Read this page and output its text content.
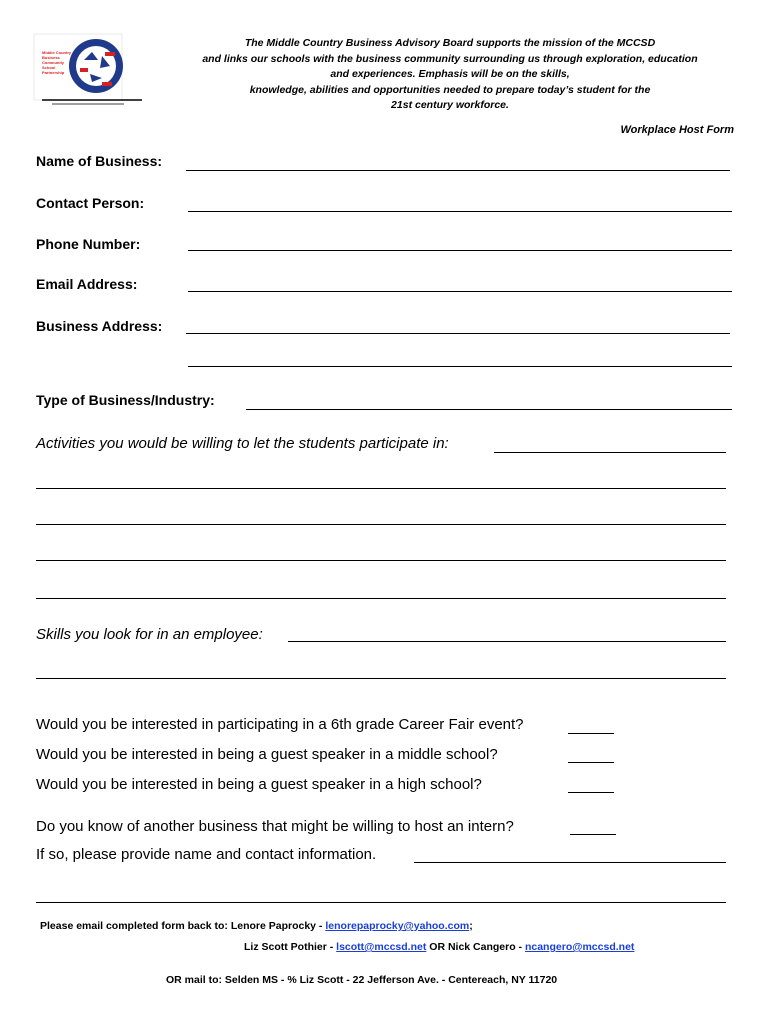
Middle Country Business Community School Partnership
The Middle Country Business Advisory Board supports the mission of the MCCSD
and links our schools with the business community surrounding us through exploration, education
and experiences. Emphasis will be on the skills,
knowledge, abilities and opportunities needed to prepare today’s student for the
21st century workforce.
Workplace Host Form
Name of Business:
Contact Person:
Phone Number:
Email Address:
Business Address:
Type of Business/Industry:
Activities you would be willing to let the students participate in:
Skills you look for in an employee:
Would you be interested in participating in a 6th grade Career Fair event?
Would you be interested in being a guest speaker in a middle school?
Would you be interested in being a guest speaker in a high school?
Do you know of another business that might be willing to host an intern?
If so, please provide name and contact information.
Please email completed form back to: Lenore Paprocky - lenorepaprocky@yahoo.com;
Liz Scott Pothier - lscott@mccsd.net OR Nick Cangero - ncangero@mccsd.net
OR mail to: Selden MS - % Liz Scott - 22 Jefferson Ave. - Centereach, NY 11720
